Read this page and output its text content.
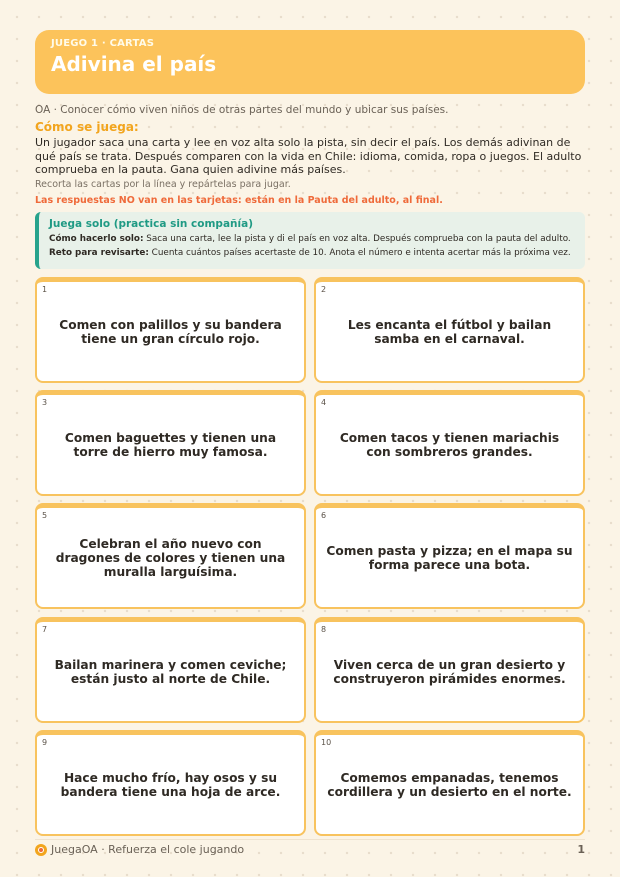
JUEGO 1 · CARTAS
Adivina el país
OA · Conocer cómo viven niños de otras partes del mundo y ubicar sus países.
Cómo se juega:
Un jugador saca una carta y lee en voz alta solo la pista, sin decir el país. Los demás adivinan de qué país se trata. Después comparen con la vida en Chile: idioma, comida, ropa o juegos. El adulto comprueba en la pauta. Gana quien adivine más países.
Recorta las cartas por la línea y repártelas para jugar.
Las respuestas NO van en las tarjetas: están en la Pauta del adulto, al final.
Juega solo (practica sin compañía)
Cómo hacerlo solo: Saca una carta, lee la pista y di el país en voz alta. Después comprueba con la pauta del adulto.
Reto para revisarte: Cuenta cuántos países acertaste de 10. Anota el número e intenta acertar más la próxima vez.
1
Comen con palillos y su bandera tiene un gran círculo rojo.
2
Les encanta el fútbol y bailan samba en el carnaval.
3
Comen baguettes y tienen una torre de hierro muy famosa.
4
Comen tacos y tienen mariachis con sombreros grandes.
5
Celebran el año nuevo con dragones de colores y tienen una muralla larguísima.
6
Comen pasta y pizza; en el mapa su forma parece una bota.
7
Bailan marinera y comen ceviche; están justo al norte de Chile.
8
Viven cerca de un gran desierto y construyeron pirámides enormes.
9
Hace mucho frío, hay osos y su bandera tiene una hoja de arce.
10
Comemos empanadas, tenemos cordillera y un desierto en el norte.
JuegaOA · Refuerza el cole jugando	1
